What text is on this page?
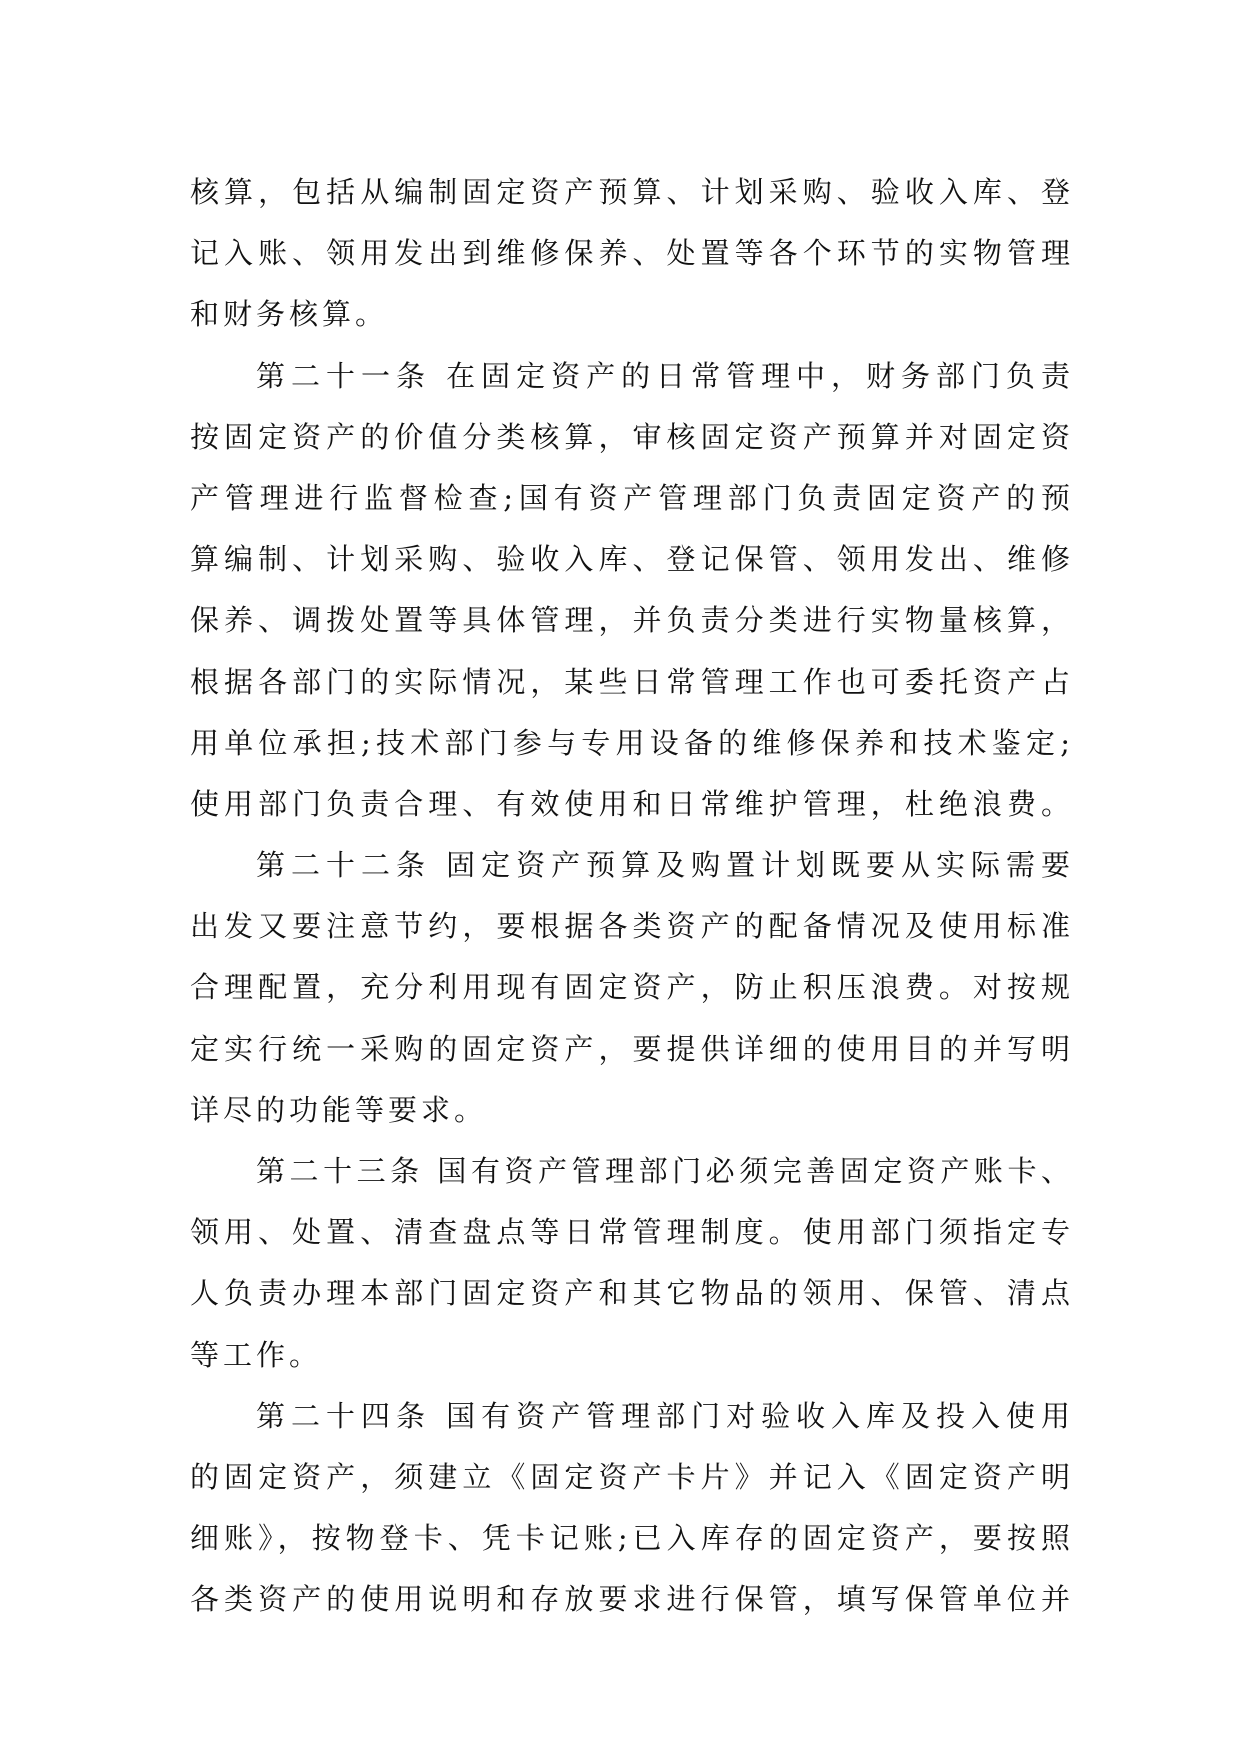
核算，包括从编制固定资产预算、计划采购、验收入库、登
记入账、领用发出到维修保养、处置等各个环节的实物管理
和财务核算。
第二十一条 在固定资产的日常管理中，财务部门负责
按固定资产的价值分类核算，审核固定资产预算并对固定资
产管理进行监督检查;国有资产管理部门负责固定资产的预
算编制、计划采购、验收入库、登记保管、领用发出、维修
保养、调拨处置等具体管理，并负责分类进行实物量核算，
根据各部门的实际情况，某些日常管理工作也可委托资产占
用单位承担;技术部门参与专用设备的维修保养和技术鉴定;
使用部门负责合理、有效使用和日常维护管理，杜绝浪费。
第二十二条 固定资产预算及购置计划既要从实际需要
出发又要注意节约，要根据各类资产的配备情况及使用标准
合理配置，充分利用现有固定资产，防止积压浪费。对按规
定实行统一采购的固定资产，要提供详细的使用目的并写明
详尽的功能等要求。
第二十三条 国有资产管理部门必须完善固定资产账卡、
领用、处置、清查盘点等日常管理制度。使用部门须指定专
人负责办理本部门固定资产和其它物品的领用、保管、清点
等工作。
第二十四条 国有资产管理部门对验收入库及投入使用
的固定资产，须建立《固定资产卡片》并记入《固定资产明
细账》，按物登卡、凭卡记账;已入库存的固定资产，要按照
各类资产的使用说明和存放要求进行保管，填写保管单位并
